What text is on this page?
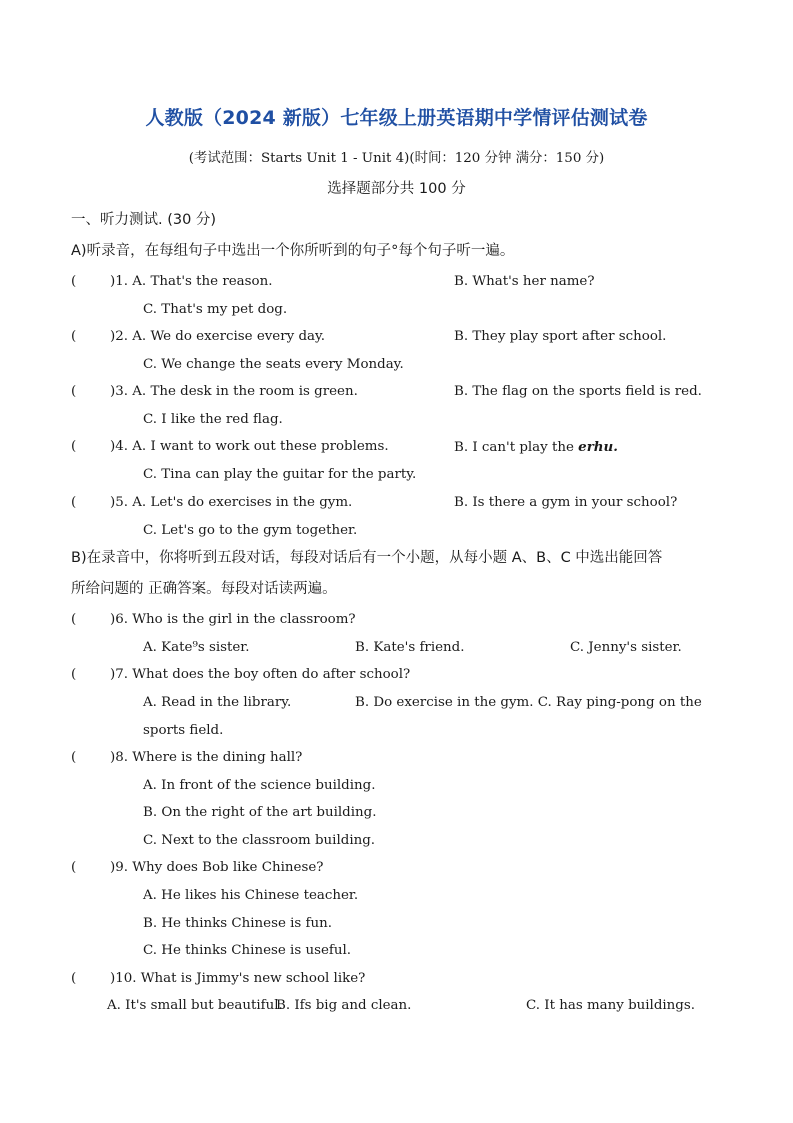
人教版（2024 新版）七年级上册英语期中学情评估测试卷
(考试范围：Starts Unit 1 - Unit 4)(时间：120 分钟 满分：150 分)
选择题部分共 100 分
一、听力测试. (30 分)
A)听录音，在每组句子中选出一个你所听到的句子°每个句子听一遍。
(	)1. A. That's the reason.	B. What's her name?
C. That's my pet dog.
(	)2. A. We do exercise every day.	B. They play sport after school.
C. We change the seats every Monday.
(	)3. A. The desk in the room is green.	B. The flag on the sports field is red.
C. I like the red flag.
(	)4. A. I want to work out these problems.	B. I can't play the erhu.
C. Tina can play the guitar for the party.
(	)5. A. Let's do exercises in the gym.	B. Is there a gym in your school?
C. Let's go to the gym together.
B)在录音中，你将听到五段对话，每段对话后有一个小题，从每小题 A、B、C 中选出能回答
所给问题的 正确答案。每段对话读两遍。
(	)6. Who is the girl in the classroom?
A. Kate⁹s sister.	B. Kate's friend.	C. Jenny's sister.
(	)7. What does the boy often do after school?
A. Read in the library.	B. Do exercise in the gym. C. Ray ping-pong on the
sports field.
(	)8. Where is the dining hall?
A. In front of the science building.
B. On the right of the art building.
C. Next to the classroom building.
(	)9. Why does Bob like Chinese?
A. He likes his Chinese teacher.
B. He thinks Chinese is fun.
C. He thinks Chinese is useful.
(	)10. What is Jimmy's new school like?
A. It's small but beautiful.
B. Ifs big and clean.	C. It has many buildings.
